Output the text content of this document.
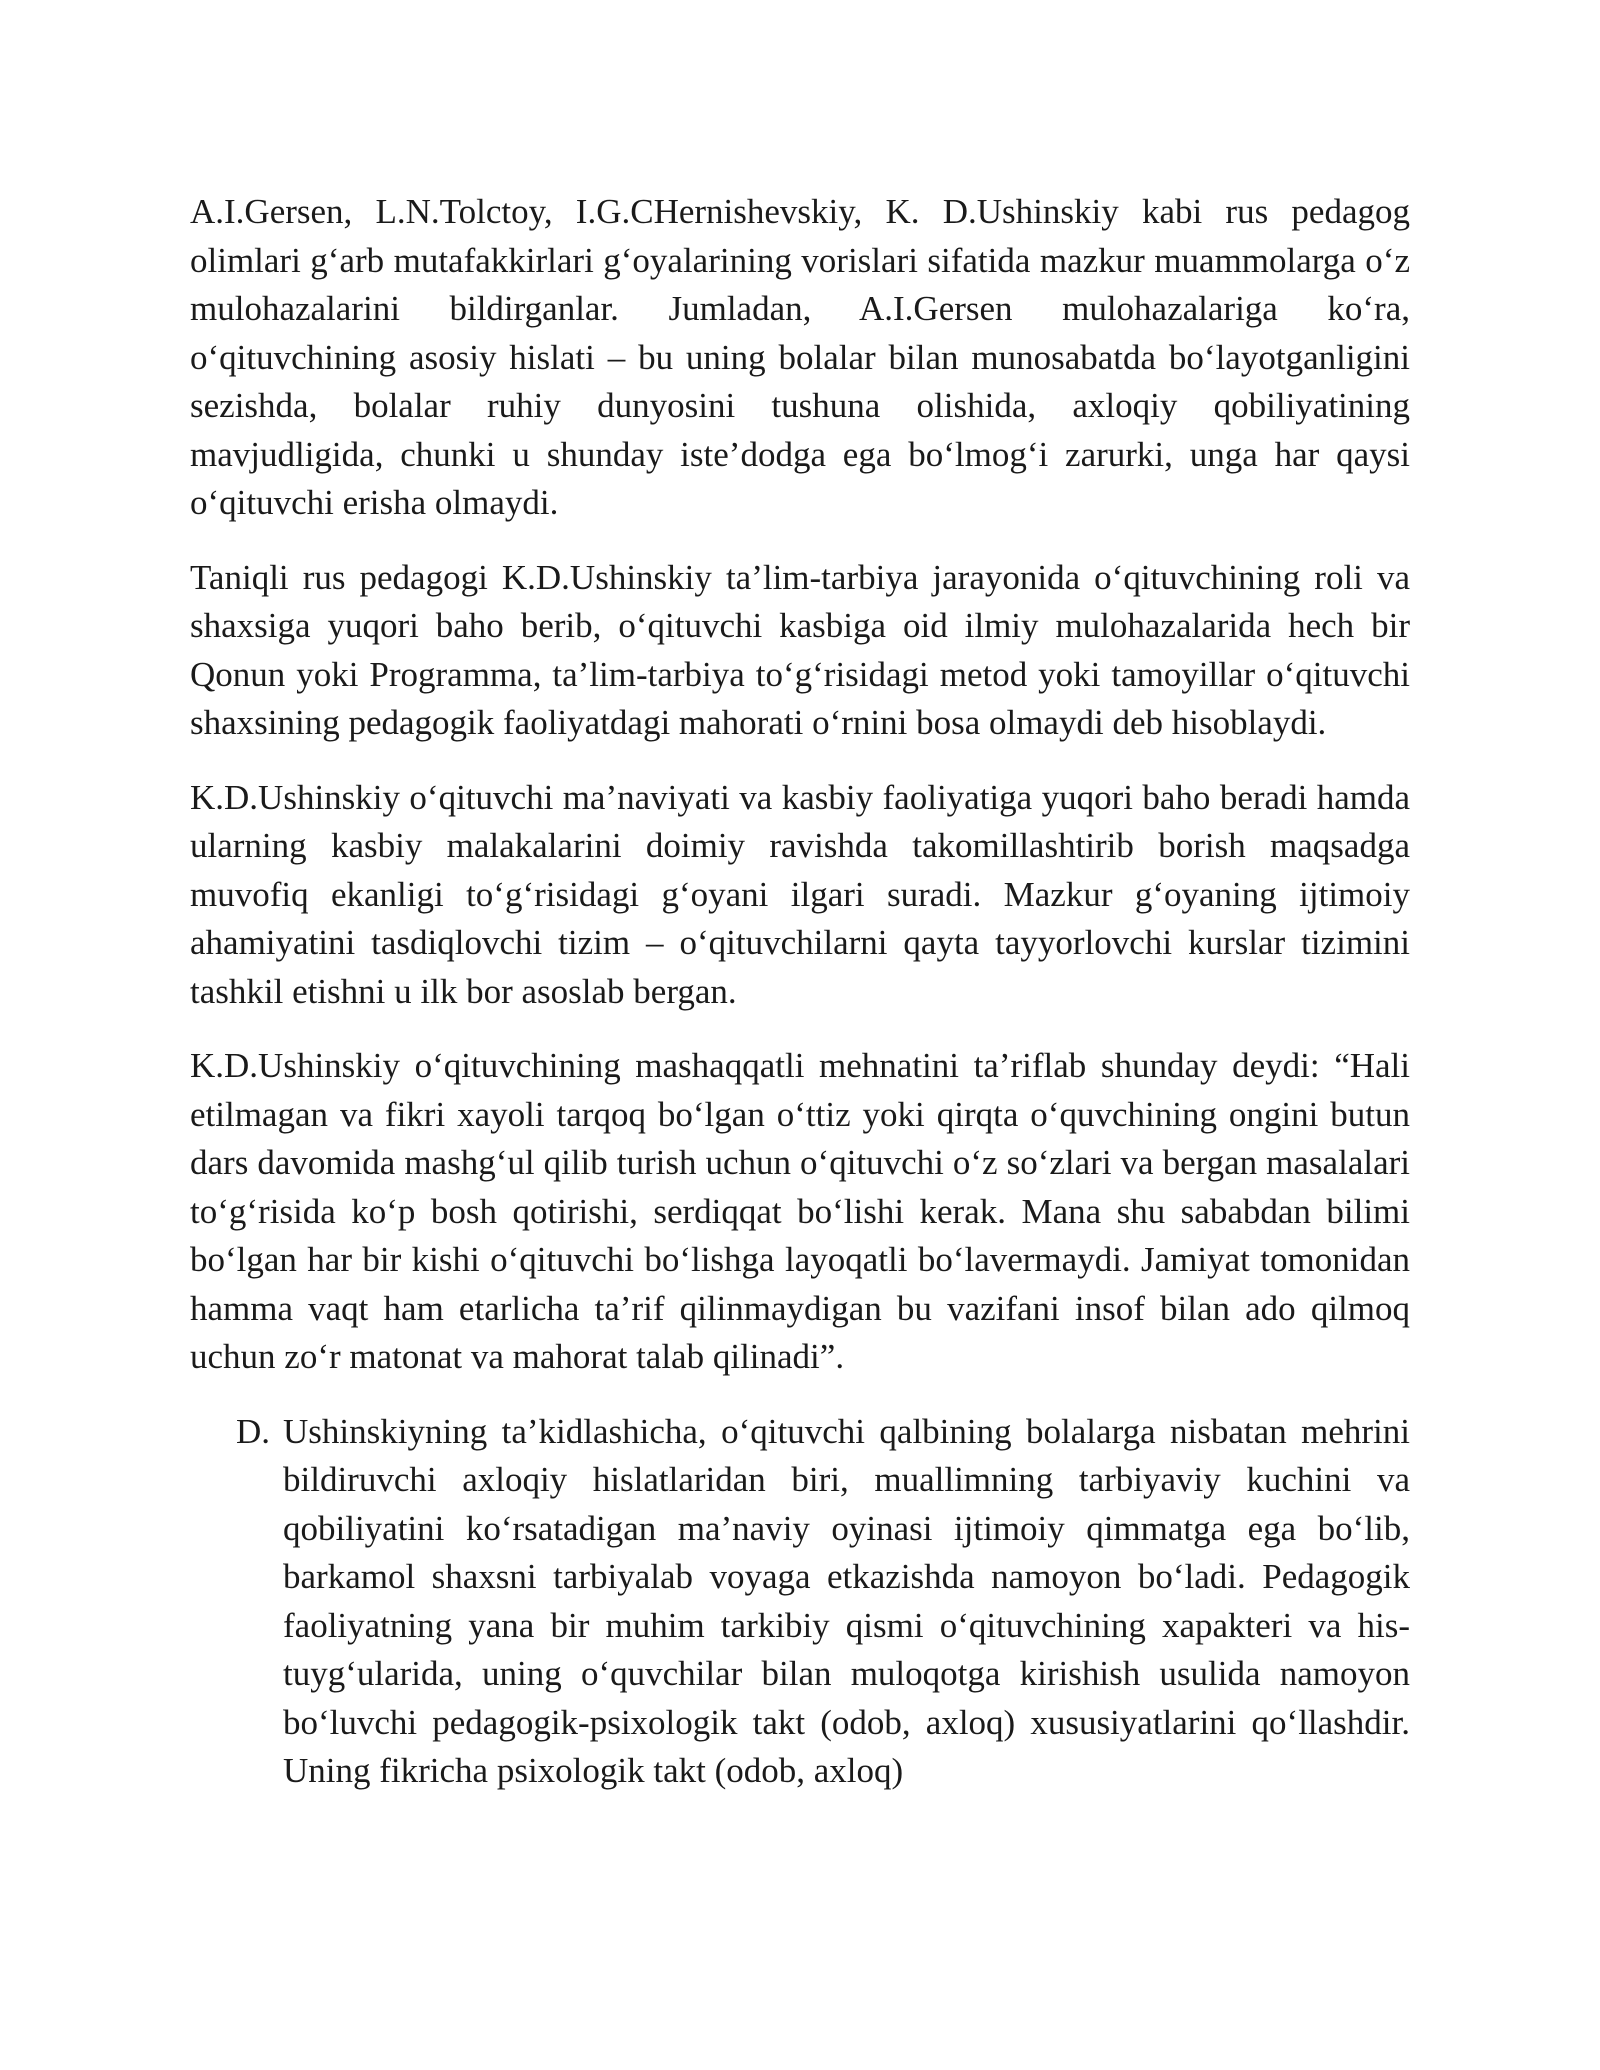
A.I.Gersen, L.N.Tolctoy, I.G.CHernishevskiy, K. D.Ushinskiy kabi rus pedagog olimlari g‘arb mutafakkirlari g‘oyalarining vorislari sifatida mazkur muammolarga o‘z mulohazalarini bildirganlar. Jumladan, A.I.Gersen mulohazalariga ko‘ra, o‘qituvchining asosiy hislati – bu uning bolalar bilan munosabatda bo‘layotganligini sezishda, bolalar ruhiy dunyosini tushuna olishida, axloqiy qobiliyatining mavjudligida, chunki u shunday iste’dodga ega bo‘lmog‘i zarurki, unga har qaysi o‘qituvchi erisha olmaydi.

Taniqli rus pedagogi K.D.Ushinskiy ta’lim-tarbiya jarayonida o‘qituvchining roli va shaxsiga yuqori baho berib, o‘qituvchi kasbiga oid ilmiy mulohazalarida hech bir Qonun yoki Programma, ta’lim-tarbiya to‘g‘risidagi metod yoki tamoyillar o‘qituvchi shaxsining pedagogik faoliyatdagi mahorati o‘rnini bosa olmaydi deb hisoblaydi.

K.D.Ushinskiy o‘qituvchi ma’naviyati va kasbiy faoliyatiga yuqori baho beradi hamda ularning kasbiy malakalarini doimiy ravishda takomillashtirib borish maqsadga muvofiq ekanligi to‘g‘risidagi g‘oyani ilgari suradi. Mazkur g‘oyaning ijtimoiy ahamiyatini tasdiqlovchi tizim – o‘qituvchilarni qayta tayyorlovchi kurslar tizimini tashkil etishni u ilk bor asoslab bergan.

K.D.Ushinskiy o‘qituvchining mashaqqatli mehnatini ta’riflab shunday deydi: “Hali etilmagan va fikri xayoli tarqoq bo‘lgan o‘ttiz yoki qirqta o‘quvchining ongini butun dars davomida mashg‘ul qilib turish uchun o‘qituvchi o‘z so‘zlari va bergan masalalari to‘g‘risida ko‘p bosh qotirishi, serdiqqat bo‘lishi kerak. Mana shu sababdan bilimi bo‘lgan har bir kishi o‘qituvchi bo‘lishga layoqatli bo‘lavermaydi. Jamiyat tomonidan hamma vaqt ham etarlicha ta’rif qilinmaydigan bu vazifani insof bilan ado qilmoq uchun zo‘r matonat va mahorat talab qilinadi”.

D. Ushinskiyning ta’kidlashicha, o‘qituvchi qalbining bolalarga nisbatan mehrini bildiruvchi axloqiy hislatlaridan biri, muallimning tarbiyaviy kuchini va qobiliyatini ko‘rsatadigan ma’naviy oyinasi ijtimoiy qimmatga ega bo‘lib, barkamol shaxsni tarbiyalab voyaga etkazishda namoyon bo‘ladi. Pedagogik faoliyatning yana bir muhim tarkibiy qismi o‘qituvchining xapakteri va his-tuyg‘ularida, uning o‘quvchilar bilan muloqotga kirishish usulida namoyon bo‘luvchi pedagogik-psixologik takt (odob, axloq) xususiyatlarini qo‘llashdir. Uning fikricha psixologik takt (odob, axloq)
